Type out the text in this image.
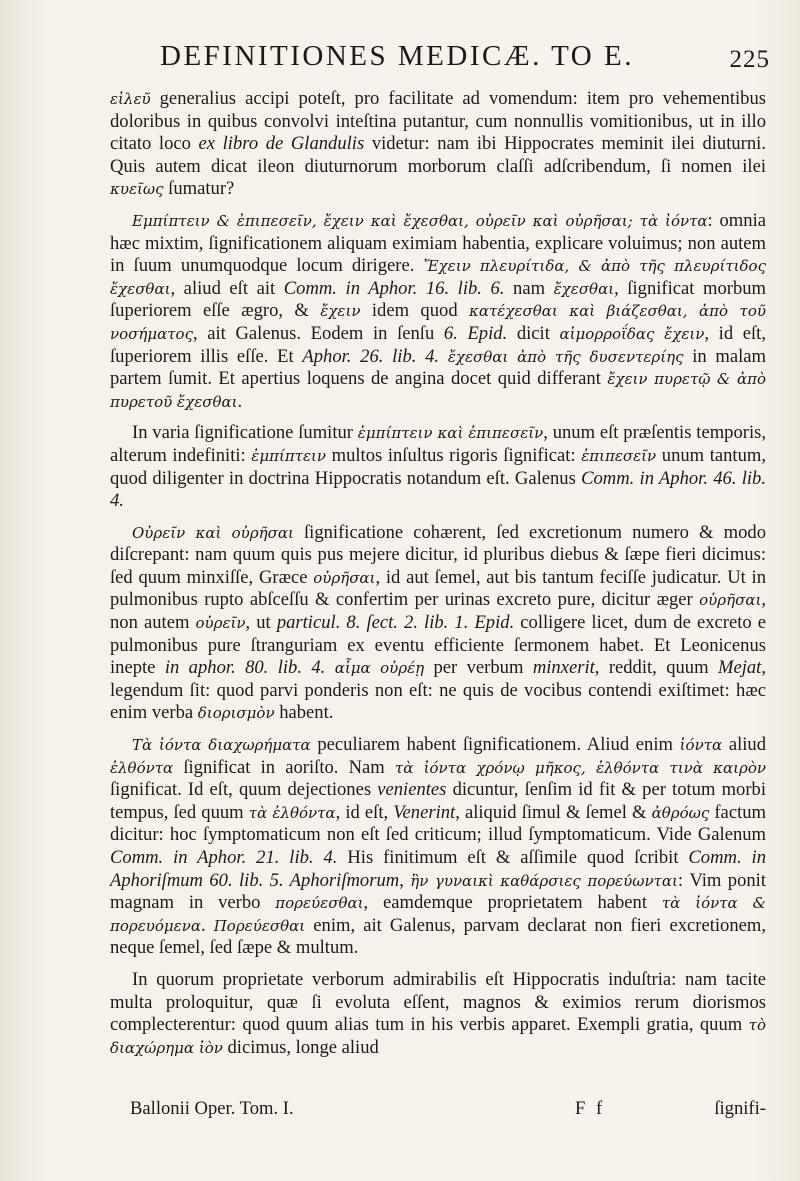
DEFINITIONES MEDICÆ. TO E.	225

εἰλεῦ generalius accipi poteſt, pro facilitate ad vomendum: item pro vehementibus doloribus in quibus convolvi inteſtina putantur, cum nonnullis vomitionibus, ut in illo citato loco ex libro de Glandulis videtur: nam ibi Hippocrates meminit ilei diuturni. Quis autem dicat ileon diuturnorum morborum claſſi adſcribendum, ſi nomen ilei κυεῖως ſumatur?

Εμπίπτειν & ἐπιπεσεῖν, ἔχειν καὶ ἔχεσθαι, οὐρεῖν καὶ οὐρῆσαι; τὰ ἰόντα: omnia hæc mixtim, ſignificationem aliquam eximiam habentia, explicare voluimus; non autem in ſuum unumquodque locum dirigere. Ἔχειν πλευρίτιδα, & ἀπὸ τῆς πλευρίτιδος ἔχεσθαι, aliud eſt ait Comm. in Aphor. 16. lib. 6. nam ἔχεσθαι, ſignificat morbum ſuperiorem eſſe ægro, & ἔχειν idem quod κατέχεσθαι καὶ βιάζεσθαι, ἀπὸ τοῦ νοσήματος, ait Galenus. Eodem in ſenſu 6. Epid. dicit αἱμορροΐδας ἔχειν, id eſt, ſuperiorem illis eſſe. Et Aphor. 26. lib. 4. ἔχεσθαι ἀπὸ τῆς δυσεντερίης in malam partem ſumit. Et apertius loquens de angina docet quid differant ἔχειν πυρετῷ & ἀπὸ πυρετοῦ ἔχεσθαι.

In varia ſignificatione ſumitur ἐμπίπτειν καὶ ἐπιπεσεῖν, unum eſt præſentis temporis, alterum indefiniti: ἐμπίπτειν multos inſultus rigoris ſignificat: ἐπιπεσεῖν unum tantum, quod diligenter in doctrina Hippocratis notandum eſt. Galenus Comm. in Aphor. 46. lib. 4.

Οὐρεῖν καὶ οὐρῆσαι ſignificatione cohærent, ſed excretionum numero & modo diſcrepant: nam quum quis pus mejere dicitur, id pluribus diebus & ſæpe fieri dicimus: ſed quum minxiſſe, Græce οὐρῆσαι, id aut ſemel, aut bis tantum feciſſe judicatur. Ut in pulmonibus rupto abſceſſu & confertim per urinas excreto pure, dicitur æger οὐρῆσαι, non autem οὐρεῖν, ut particul. 8. ſect. 2. lib. 1. Epid. colligere licet, dum de excreto e pulmonibus pure ſtranguriam ex eventu efficiente ſermonem habet. Et Leonicenus inepte in aphor. 80. lib. 4. αἷμα οὐρέῃ per verbum minxerit, reddit, quum Mejat, legendum ſit: quod parvi ponderis non eſt: ne quis de vocibus contendi exiſtimet: hæc enim verba διορισμὸν habent.

Τὰ ἰόντα διαχωρήματα peculiarem habent ſignificationem. Aliud enim ἰόντα aliud ἐλθόντα ſignificat in aoriſto. Nam τὰ ἰόντα χρόνῳ μῆκος, ἐλθόντα τινὰ καιρὸν ſignificat. Id eſt, quum dejectiones venientes dicuntur, ſenſim id fit & per totum morbi tempus, ſed quum τὰ ἐλθόντα, id eſt, Venerint, aliquid ſimul & ſemel & ἀθρόως factum dicitur: hoc ſymptomaticum non eſt ſed criticum; illud ſymptomaticum. Vide Galenum Comm. in Aphor. 21. lib. 4. His finitimum eſt & aſſimile quod ſcribit Comm. in Aphoriſmum 60. lib. 5. Aphoriſmorum, ἣν γυναικὶ καθάρσιες πορεύωνται: Vim ponit magnam in verbo πορεύεσθαι, eamdemque proprietatem habent τὰ ἰόντα & πορευόμενα. Πορεύεσθαι enim, ait Galenus, parvam declarat non fieri excretionem, neque ſemel, ſed ſæpe & multum.

In quorum proprietate verborum admirabilis eſt Hippocratis induſtria: nam tacite multa proloquitur, quæ ſi evoluta eſſent, magnos & eximios rerum diorismos complecterentur: quod quum alias tum in his verbis apparet. Exempli gratia, quum τὸ διαχώρημα ἰὸν dicimus, longe aliud

Ballonii Oper. Tom. I.	F f	ſignifi-
